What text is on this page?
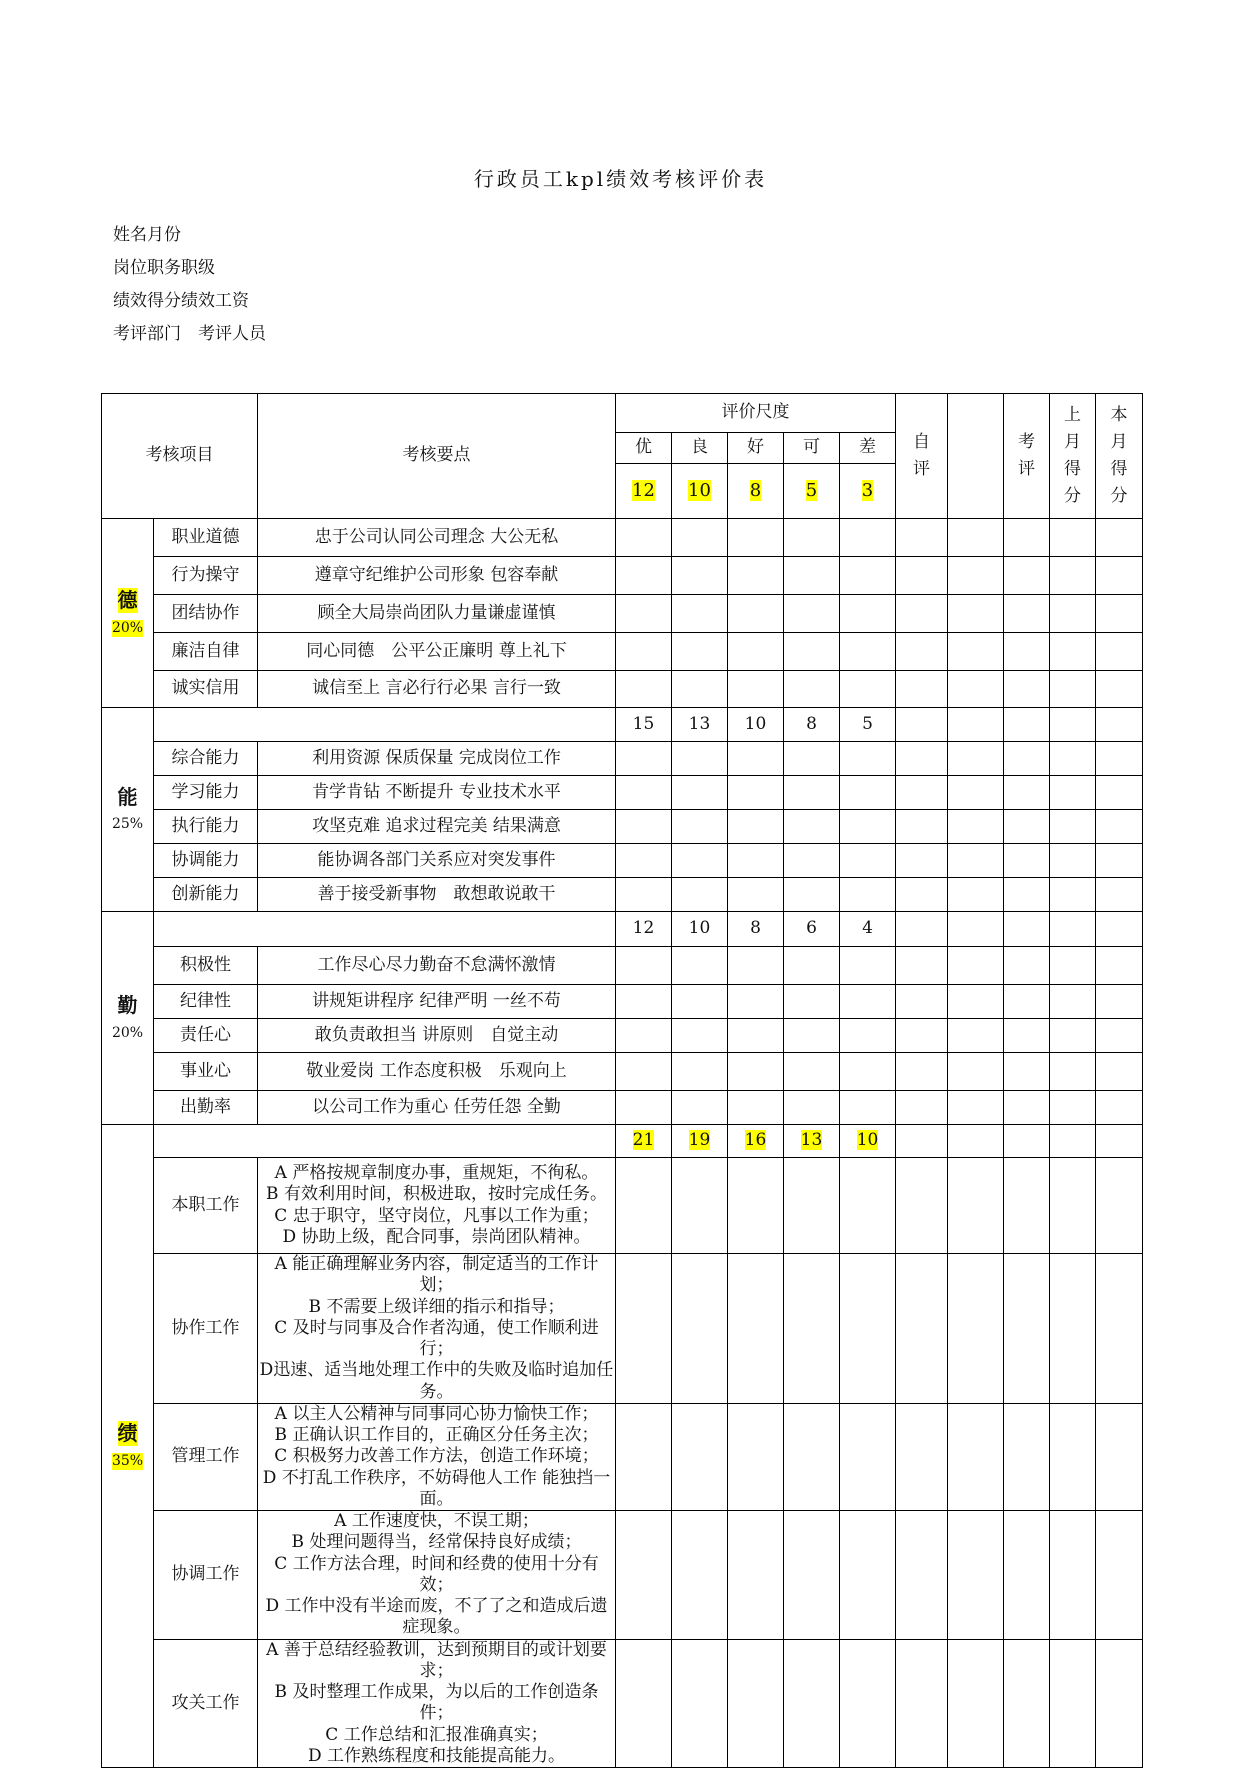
行政员工kpl绩效考核评价表
姓名月份
岗位职务职级
绩效得分绩效工资
考评部门　考评人员
考核项目		考核要点	评价尺度					自评		考评	上月得分	本月得分
			优	良	好	可	差					
			12	10	8	5	3					
德
20%	职业道德	忠于公司认同公司理念 大公无私										
	行为操守	遵章守纪维护公司形象 包容奉献										
	团结协作	顾全大局崇尚团队力量谦虚谨慎										
	廉洁自律	同心同德　公平公正廉明 尊上礼下										
	诚实信用	诚信至上 言必行行必果 言行一致										
能
25%			15	13	10	8	5					
	综合能力	利用资源 保质保量 完成岗位工作										
	学习能力	肯学肯钻 不断提升 专业技术水平										
	执行能力	攻坚克难 追求过程完美 结果满意										
	协调能力	能协调各部门关系应对突发事件										
	创新能力	善于接受新事物　敢想敢说敢干										
勤
20%			12	10	8	6	4					
	积极性	工作尽心尽力勤奋不怠满怀激情										
	纪律性	讲规矩讲程序 纪律严明 一丝不苟										
	责任心	敢负责敢担当 讲原则　自觉主动										
	事业心	敬业爱岗 工作态度积极　乐观向上										
	出勤率	以公司工作为重心 任劳任怨 全勤										
绩
35%			21	19	16	13	10					
	本职工作	A 严格按规章制度办事，重规矩，不徇私。
B 有效利用时间，积极进取，按时完成任务。
C 忠于职守，坚守岗位，凡事以工作为重；
D 协助上级，配合同事，崇尚团队精神。										

	协作工作	A 能正确理解业务内容，制定适当的工作计划；
B 不需要上级详细的指示和指导；
C 及时与同事及合作者沟通，使工作顺利进行；
D迅速、适当地处理工作中的失败及临时追加任务。										

	管理工作	A 以主人公精神与同事同心协力愉快工作；
B 正确认识工作目的，正确区分任务主次；
C 积极努力改善工作方法，创造工作环境；
D 不打乱工作秩序，不妨碍他人工作 能独挡一面。										

	协调工作	A 工作速度快，不误工期；
B 处理问题得当，经常保持良好成绩；
C 工作方法合理，时间和经费的使用十分有效；
D 工作中没有半途而废，不了了之和造成后遗症现象。										

	攻关工作	A 善于总结经验教训，达到预期目的或计划要求；
B 及时整理工作成果，为以后的工作创造条件；
C 工作总结和汇报准确真实；
D 工作熟练程度和技能提高能力。										
